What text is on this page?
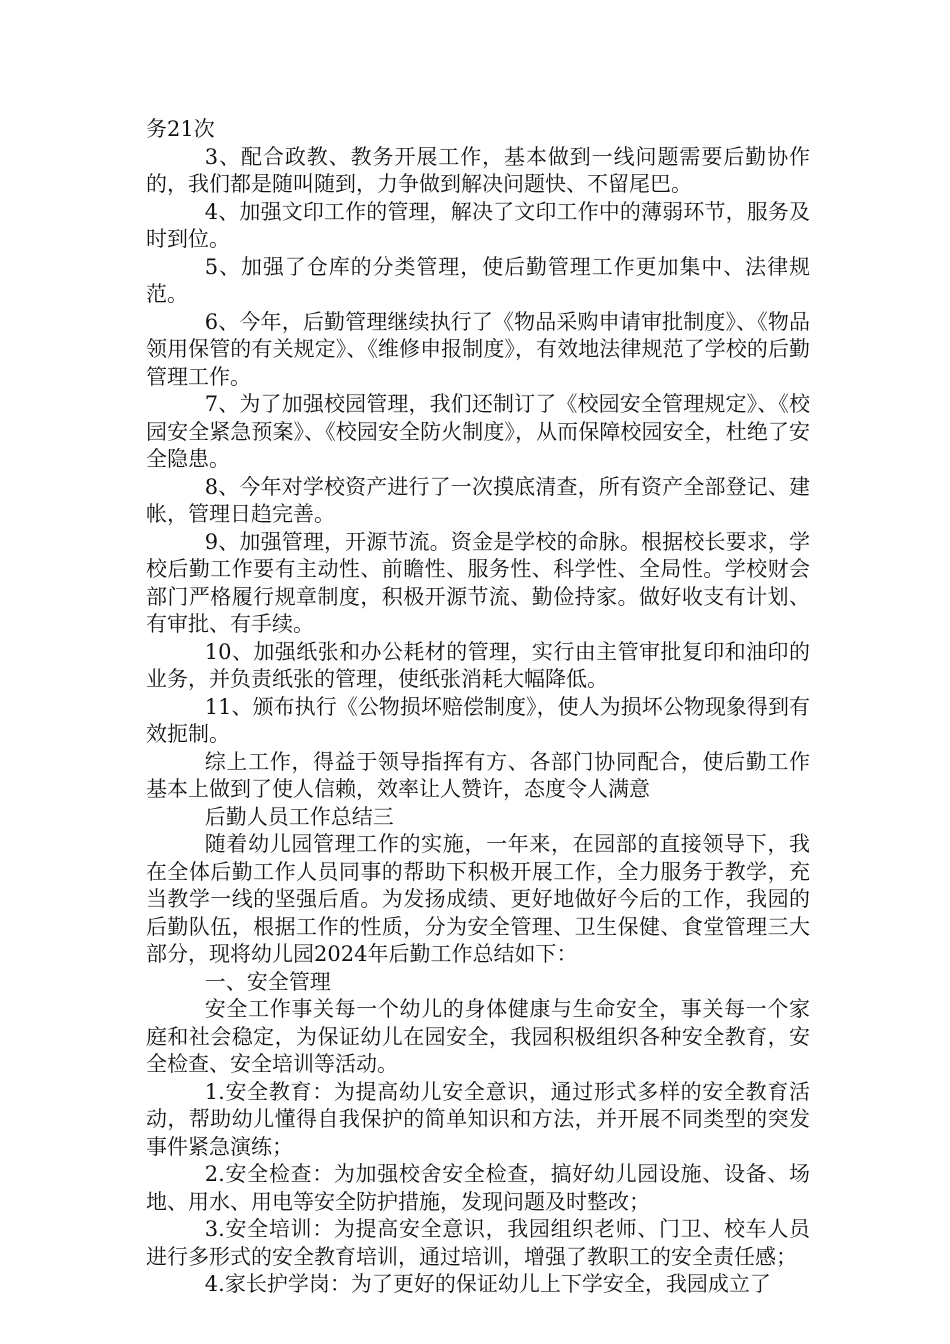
务21次

3、配合政教、教务开展工作，基本做到一线问题需要后勤协作的，我们都是随叫随到，力争做到解决问题快、不留尾巴。

4、加强文印工作的管理，解决了文印工作中的薄弱环节，服务及时到位。

5、加强了仓库的分类管理，使后勤管理工作更加集中、法律规范。

6、今年，后勤管理继续执行了《物品采购申请审批制度》、《物品领用保管的有关规定》、《维修申报制度》，有效地法律规范了学校的后勤管理工作。

7、为了加强校园管理，我们还制订了《校园安全管理规定》、《校园安全紧急预案》、《校园安全防火制度》，从而保障校园安全，杜绝了安全隐患。

8、今年对学校资产进行了一次摸底清查，所有资产全部登记、建帐，管理日趋完善。

9、加强管理，开源节流。资金是学校的命脉。根据校长要求，学校后勤工作要有主动性、前瞻性、服务性、科学性、全局性。学校财会部门严格履行规章制度，积极开源节流、勤俭持家。做好收支有计划、有审批、有手续。

10、加强纸张和办公耗材的管理，实行由主管审批复印和油印的业务，并负责纸张的管理，使纸张消耗大幅降低。

11、颁布执行《公物损坏赔偿制度》，使人为损坏公物现象得到有效扼制。

综上工作，得益于领导指挥有方、各部门协同配合，使后勤工作基本上做到了使人信赖，效率让人赞许，态度令人满意

后勤人员工作总结三

随着幼儿园管理工作的实施，一年来，在园部的直接领导下，我在全体后勤工作人员同事的帮助下积极开展工作，全力服务于教学，充当教学一线的坚强后盾。为发扬成绩、更好地做好今后的工作，我园的后勤队伍，根据工作的性质，分为安全管理、卫生保健、食堂管理三大部分，现将幼儿园2024年后勤工作总结如下：

一、安全管理

安全工作事关每一个幼儿的身体健康与生命安全，事关每一个家庭和社会稳定，为保证幼儿在园安全，我园积极组织各种安全教育，安全检查、安全培训等活动。

1.安全教育：为提高幼儿安全意识，通过形式多样的安全教育活动，帮助幼儿懂得自我保护的简单知识和方法，并开展不同类型的突发事件紧急演练；

2.安全检查：为加强校舍安全检查，搞好幼儿园设施、设备、场地、用水、用电等安全防护措施，发现问题及时整改；

3.安全培训：为提高安全意识，我园组织老师、门卫、校车人员进行多形式的安全教育培训，通过培训，增强了教职工的安全责任感；

4.家长护学岗：为了更好的保证幼儿上下学安全，我园成立了
